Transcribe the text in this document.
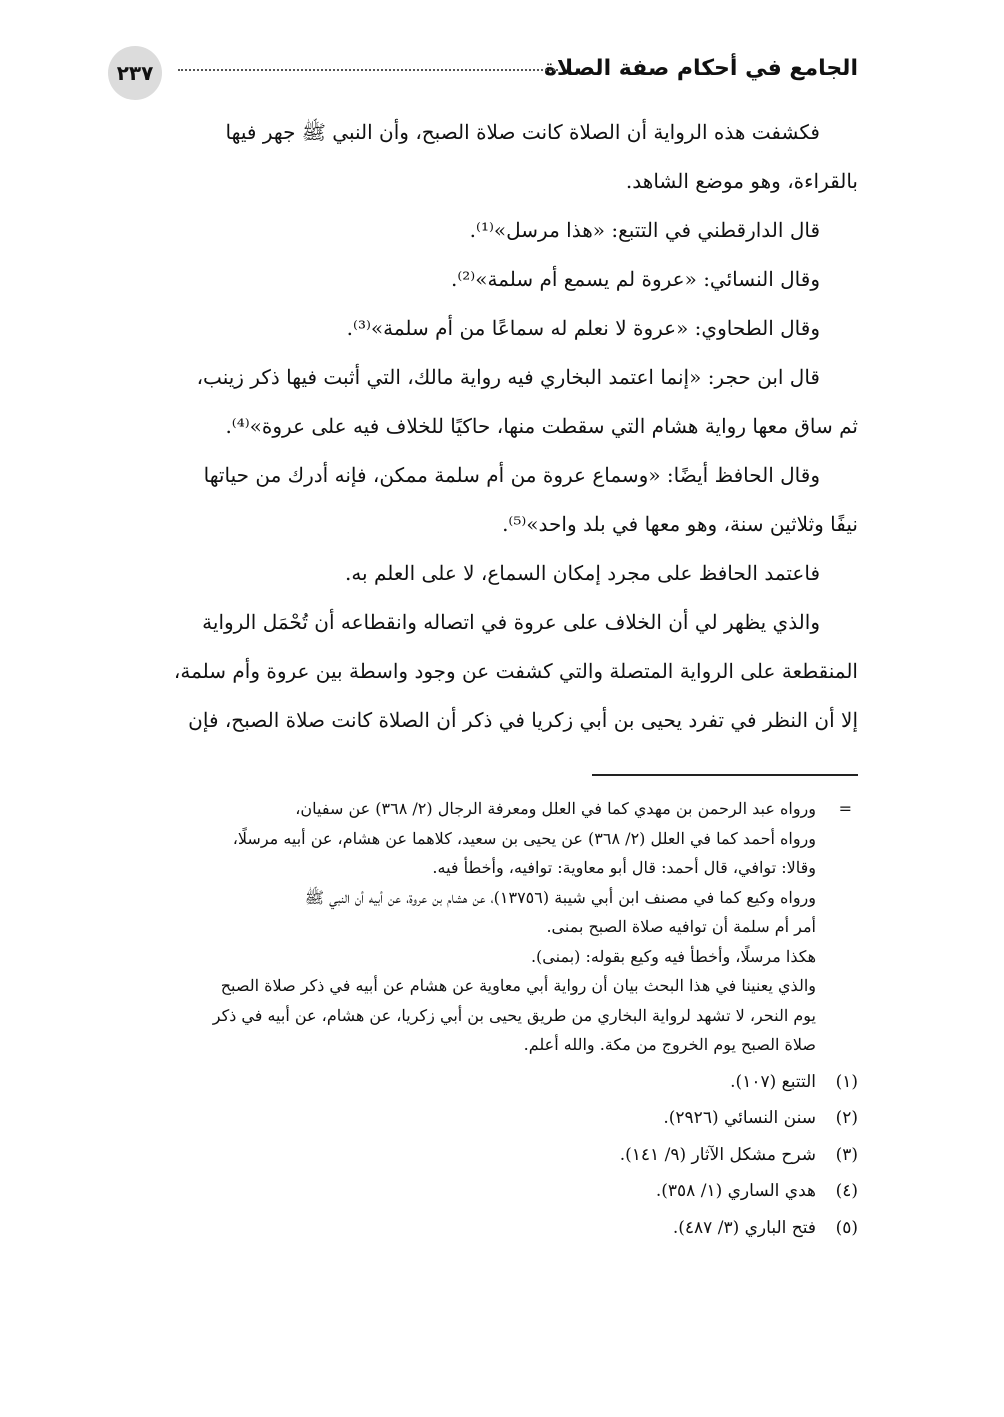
الجامع في أحكام صفة الصلاة
٢٣٧

فكشفت هذه الرواية أن الصلاة كانت صلاة الصبح، وأن النبي ﷺ جهر فيها

بالقراءة، وهو موضع الشاهد.

قال الدارقطني في التتبع: «هذا مرسل»⁽¹⁾.

وقال النسائي: «عروة لم يسمع أم سلمة»⁽²⁾.

وقال الطحاوي: «عروة لا نعلم له سماعًا من أم سلمة»⁽³⁾.

قال ابن حجر: «إنما اعتمد البخاري فيه رواية مالك، التي أثبت فيها ذكر زينب،

ثم ساق معها رواية هشام التي سقطت منها، حاكيًا للخلاف فيه على عروة»⁽⁴⁾.

وقال الحافظ أيضًا: «وسماع عروة من أم سلمة ممكن، فإنه أدرك من حياتها

نيفًا وثلاثين سنة، وهو معها في بلد واحد»⁽⁵⁾.

فاعتمد الحافظ على مجرد إمكان السماع، لا على العلم به.

والذي يظهر لي أن الخلاف على عروة في اتصاله وانقطاعه أن تُحْمَل الرواية

المنقطعة على الرواية المتصلة والتي كشفت عن وجود واسطة بين عروة وأم سلمة،

إلا أن النظر في تفرد يحيى بن أبي زكريا في ذكر أن الصلاة كانت صلاة الصبح، فإن

=

ورواه عبد الرحمن بن مهدي كما في العلل ومعرفة الرجال (٢/ ٣٦٨) عن سفيان،

ورواه أحمد كما في العلل (٢/ ٣٦٨) عن يحيى بن سعيد، كلاهما عن هشام، عن أبيه مرسلًا،

وقالا: توافي، قال أحمد: قال أبو معاوية: توافيه، وأخطأ فيه.

ورواه وكيع كما في مصنف ابن أبي شيبة (١٣٧٥٦)، عن هشام بن عروة، عن أبيه أن النبي ﷺ

أمر أم سلمة أن توافيه صلاة الصبح بمنى.

هكذا مرسلًا، وأخطأ فيه وكيع بقوله: (بمنى).

والذي يعنينا في هذا البحث بيان أن رواية أبي معاوية عن هشام عن أبيه في ذكر صلاة الصبح

يوم النحر، لا تشهد لرواية البخاري من طريق يحيى بن أبي زكريا، عن هشام، عن أبيه في ذكر

صلاة الصبح يوم الخروج من مكة. والله أعلم.

(١)
التتبع (١٠٧).
(٢)
سنن النسائي (٢٩٢٦).
(٣)
شرح مشكل الآثار (٩/ ١٤١).
(٤)
هدي الساري (١/ ٣٥٨).
(٥)
فتح الباري (٣/ ٤٨٧).
